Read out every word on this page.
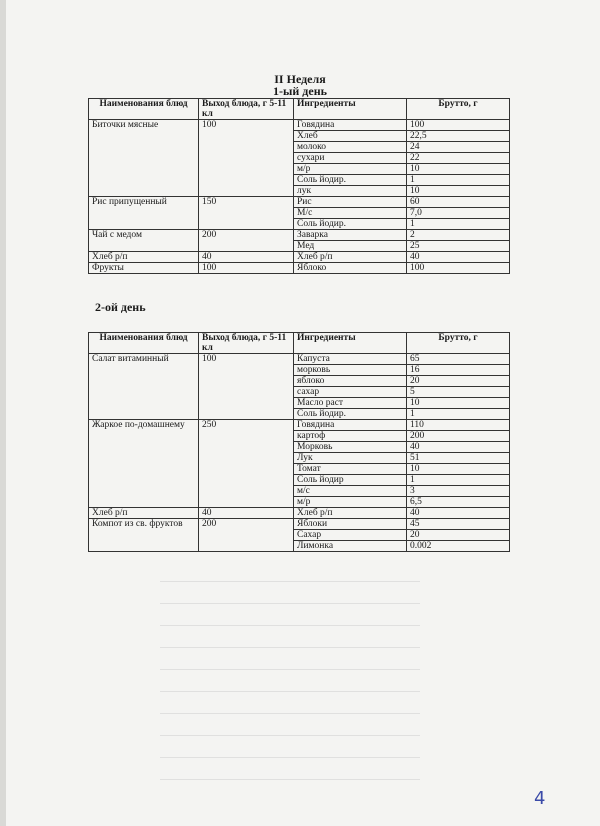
II Неделя
1-ый день
Наименования блюд	Выход блюда, г 5-11 кл	Ингредиенты	Брутто, г
Биточки мясные	100	Говядина	100
		Хлеб	22,5
		молоко	24
		сухари	22
		м/р	10
		Соль йодир.	1
		лук	10
Рис припущенный	150	Рис	60
		М/с	7,0
		Соль йодир.	1
Чай с медом	200	Заварка	2
		Мед	25
Хлеб р/п	40	Хлеб р/п	40
Фрукты	100	Яблоко	100
2-ой день
Наименования блюд	Выход блюда, г 5-11 кл	Ингредиенты	Брутто, г
Салат витаминный	100	Капуста	65
		морковь	16
		яблоко	20
		сахар	5
		Масло раст	10
		Соль йодир.	1
Жаркое по-домашнему	250	Говядина	110
		картоф	200
		Морковь	40
		Лук	51
		Томат	10
		Соль йодир	1
		м/с	3
		м/р	6,5
Хлеб р/п	40	Хлеб р/п	40
Компот из св. фруктов	200	Яблоки	45
		Сахар	20
		Лимонка	0.002
4
